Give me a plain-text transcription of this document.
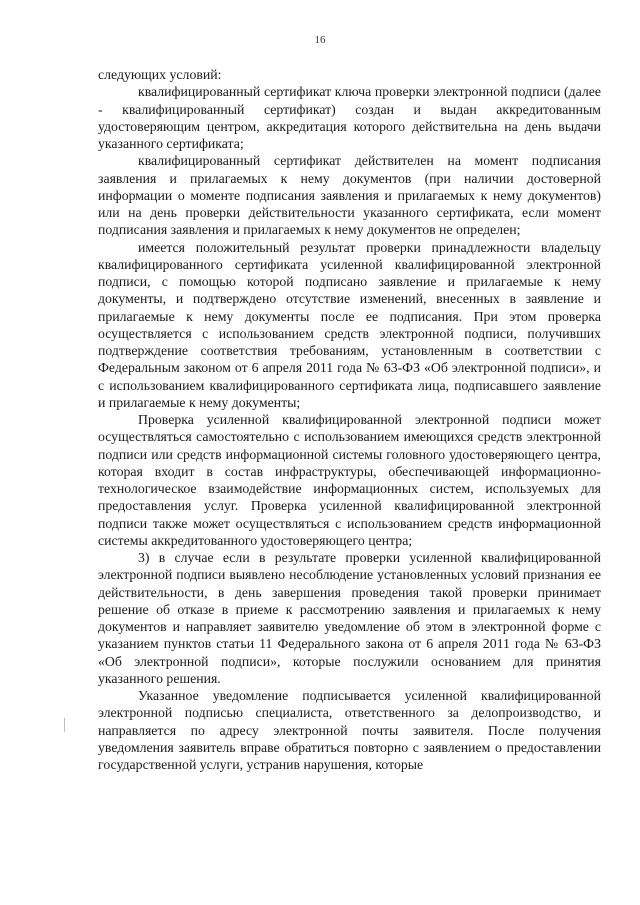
16

следующих условий:

квалифицированный сертификат ключа проверки электронной подписи (далее - квалифицированный сертификат) создан и выдан аккредитованным удостоверяющим центром, аккредитация которого действительна на день выдачи указанного сертификата;

квалифицированный сертификат действителен на момент подписания заявления и прилагаемых к нему документов (при наличии достоверной информации о моменте подписания заявления и прилагаемых к нему документов) или на день проверки действительности указанного сертификата, если момент подписания заявления и прилагаемых к нему документов не определен;

имеется положительный результат проверки принадлежности владельцу квалифицированного сертификата усиленной квалифицированной электронной подписи, с помощью которой подписано заявление и прилагаемые к нему документы, и подтверждено отсутствие изменений, внесенных в заявление и прилагаемые к нему документы после ее подписания. При этом проверка осуществляется с использованием средств электронной подписи, получивших подтверждение соответствия требованиям, установленным в соответствии с Федеральным законом от 6 апреля 2011 года № 63-ФЗ «Об электронной подписи», и с использованием квалифицированного сертификата лица, подписавшего заявление и прилагаемые к нему документы;

Проверка усиленной квалифицированной электронной подписи может осуществляться самостоятельно с использованием имеющихся средств электронной подписи или средств информационной системы головного удостоверяющего центра, которая входит в состав инфраструктуры, обеспечивающей информационно-технологическое взаимодействие информационных систем, используемых для предоставления услуг. Проверка усиленной квалифицированной электронной подписи также может осуществляться с использованием средств информационной системы аккредитованного удостоверяющего центра;

3) в случае если в результате проверки усиленной квалифицированной электронной подписи выявлено несоблюдение установленных условий признания ее действительности, в день завершения проведения такой проверки принимает решение об отказе в приеме к рассмотрению заявления и прилагаемых к нему документов и направляет заявителю уведомление об этом в электронной форме с указанием пунктов статьи 11 Федерального закона от 6 апреля 2011 года № 63-ФЗ «Об электронной подписи», которые послужили основанием для принятия указанного решения.

Указанное уведомление подписывается усиленной квалифицированной электронной подписью специалиста, ответственного за делопроизводство, и направляется по адресу электронной почты заявителя. После получения уведомления заявитель вправе обратиться повторно с заявлением о предоставлении государственной услуги, устранив нарушения, которые
